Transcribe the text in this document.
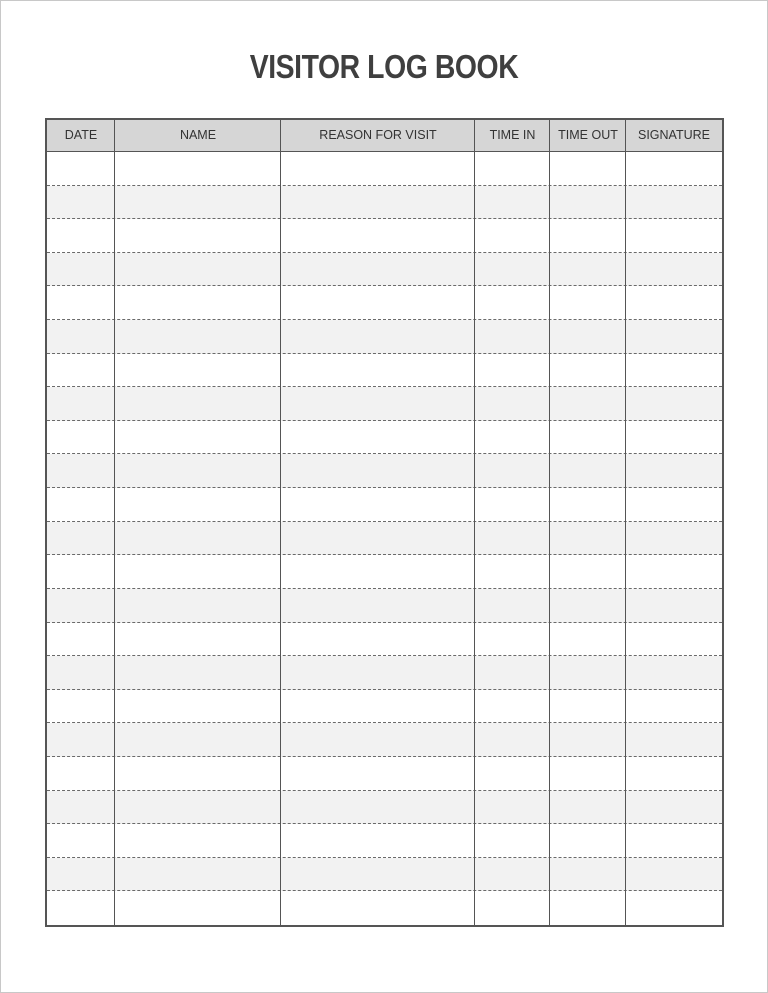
VISITOR LOG BOOK
DATE	NAME	REASON FOR VISIT	TIME IN	TIME OUT	SIGNATURE
